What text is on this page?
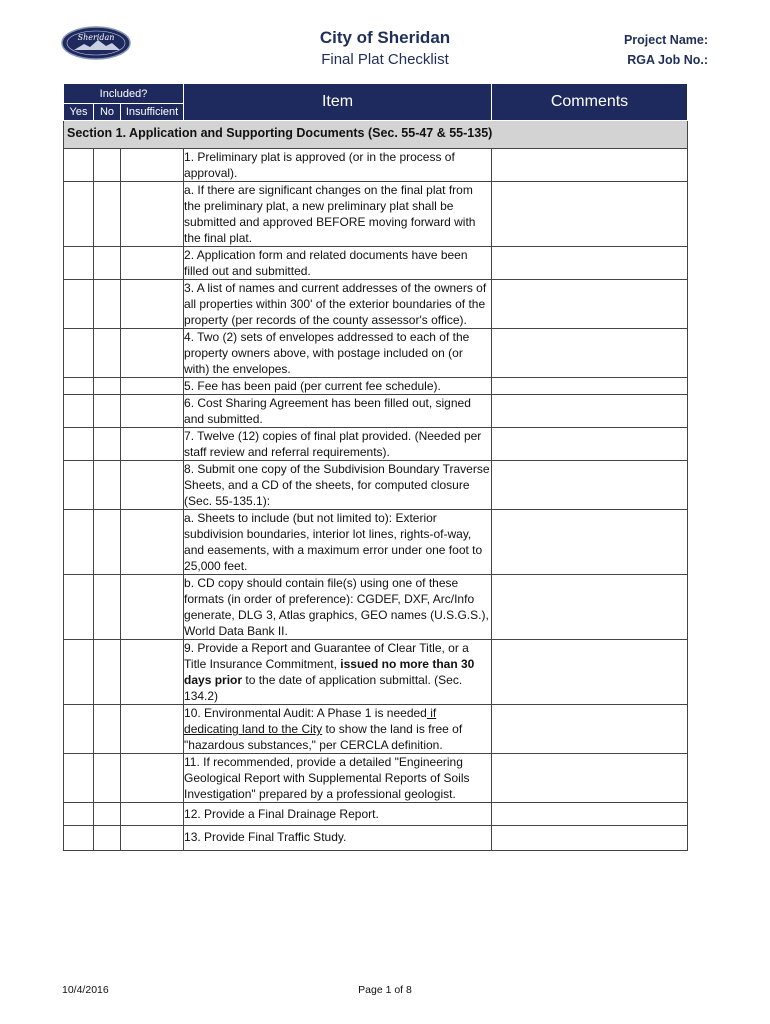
Sheridan	City of Sheridan
Final Plat Checklist
Project Name:
RGA Job No.:
Included?			Item	Comments
Yes	No	Insufficient		
Section 1. Application and Supporting Documents (Sec. 55-47 & 55-135)				
			1. Preliminary plat is approved (or in the process of approval).	
			a. If there are significant changes on the final plat from the preliminary plat, a new preliminary plat shall be submitted and approved BEFORE moving forward with the final plat.	
			2. Application form and related documents have been filled out and submitted.	
			3. A list of names and current addresses of the owners of all properties within 300' of the exterior boundaries of the property (per records of the county assessor's office).	
			4. Two (2) sets of envelopes addressed to each of the property owners above, with postage included on (or with) the envelopes.	
			5. Fee has been paid (per current fee schedule).	
			6. Cost Sharing Agreement has been filled out, signed and submitted.	
			7. Twelve (12) copies of final plat provided. (Needed per staff review and referral requirements).	
			8. Submit one copy of the Subdivision Boundary Traverse Sheets, and a CD of the sheets, for computed closure (Sec. 55-135.1):	
			a. Sheets to include (but not limited to): Exterior subdivision boundaries, interior lot lines, rights-of-way, and easements, with a maximum error under one foot to 25,000 feet.	
			b. CD copy should contain file(s) using one of these formats (in order of preference): CGDEF, DXF, Arc/Info generate, DLG 3, Atlas graphics, GEO names (U.S.G.S.), World Data Bank II.	
			9. Provide a Report and Guarantee of Clear Title, or a Title Insurance Commitment, issued no more than 30 days prior to the date of application submittal. (Sec. 134.2)	
			10. Environmental Audit: A Phase 1 is needed if dedicating land to the City to show the land is free of "hazardous substances," per CERCLA definition.	
			11. If recommended, provide a detailed "Engineering Geological Report with Supplemental Reports of Soils Investigation" prepared by a professional geologist.	
			12. Provide a Final Drainage Report.	
			13. Provide Final Traffic Study.	
10/4/2016	Page 1 of 8
